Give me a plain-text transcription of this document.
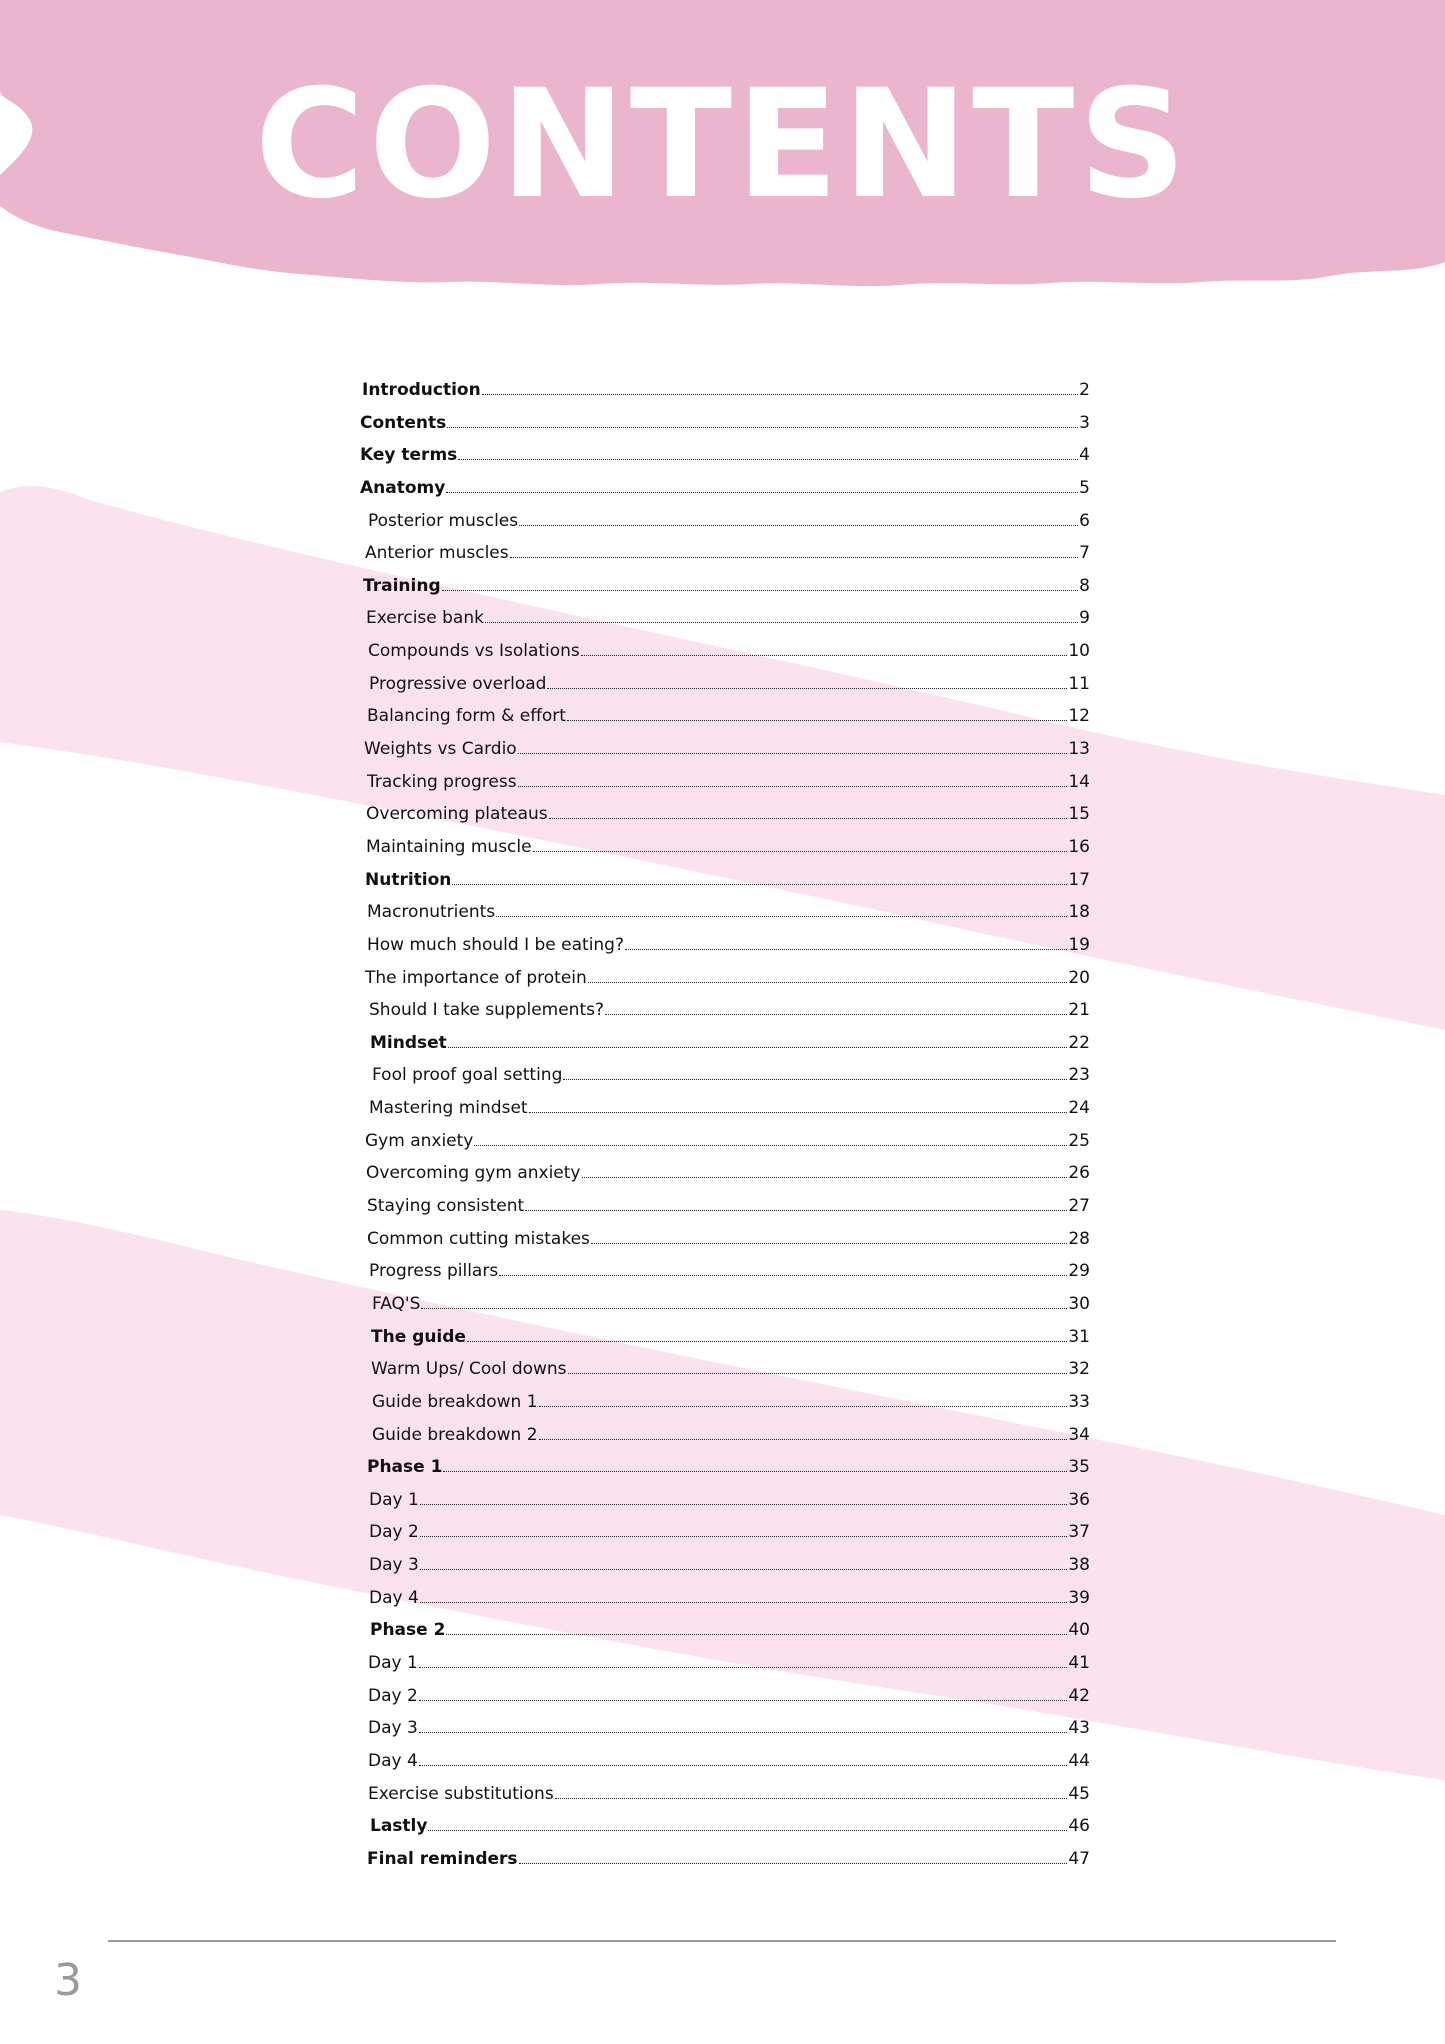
CONTENTS
Introduction	2
Contents	3
Key terms	4
Anatomy	5
Posterior muscles	6
Anterior muscles	7
Training	8
Exercise bank	9
Compounds vs Isolations	10
Progressive overload	11
Balancing form & effort	12
Weights vs Cardio	13
Tracking progress	14
Overcoming plateaus	15
Maintaining muscle	16
Nutrition	17
Macronutrients	18
How much should I be eating?	19
The importance of protein	20
Should I take supplements?	21
Mindset	22
Fool proof goal setting	23
Mastering mindset	24
Gym anxiety	25
Overcoming gym anxiety	26
Staying consistent	27
Common cutting mistakes	28
Progress pillars	29
FAQ'S	30
The guide	31
Warm Ups/ Cool downs	32
Guide breakdown 1	33
Guide breakdown 2	34
Phase 1	35
Day 1	36
Day 2	37
Day 3	38
Day 4	39
Phase 2	40
Day 1	41
Day 2	42
Day 3	43
Day 4	44
Exercise substitutions	45
Lastly	46
Final reminders	47
3
